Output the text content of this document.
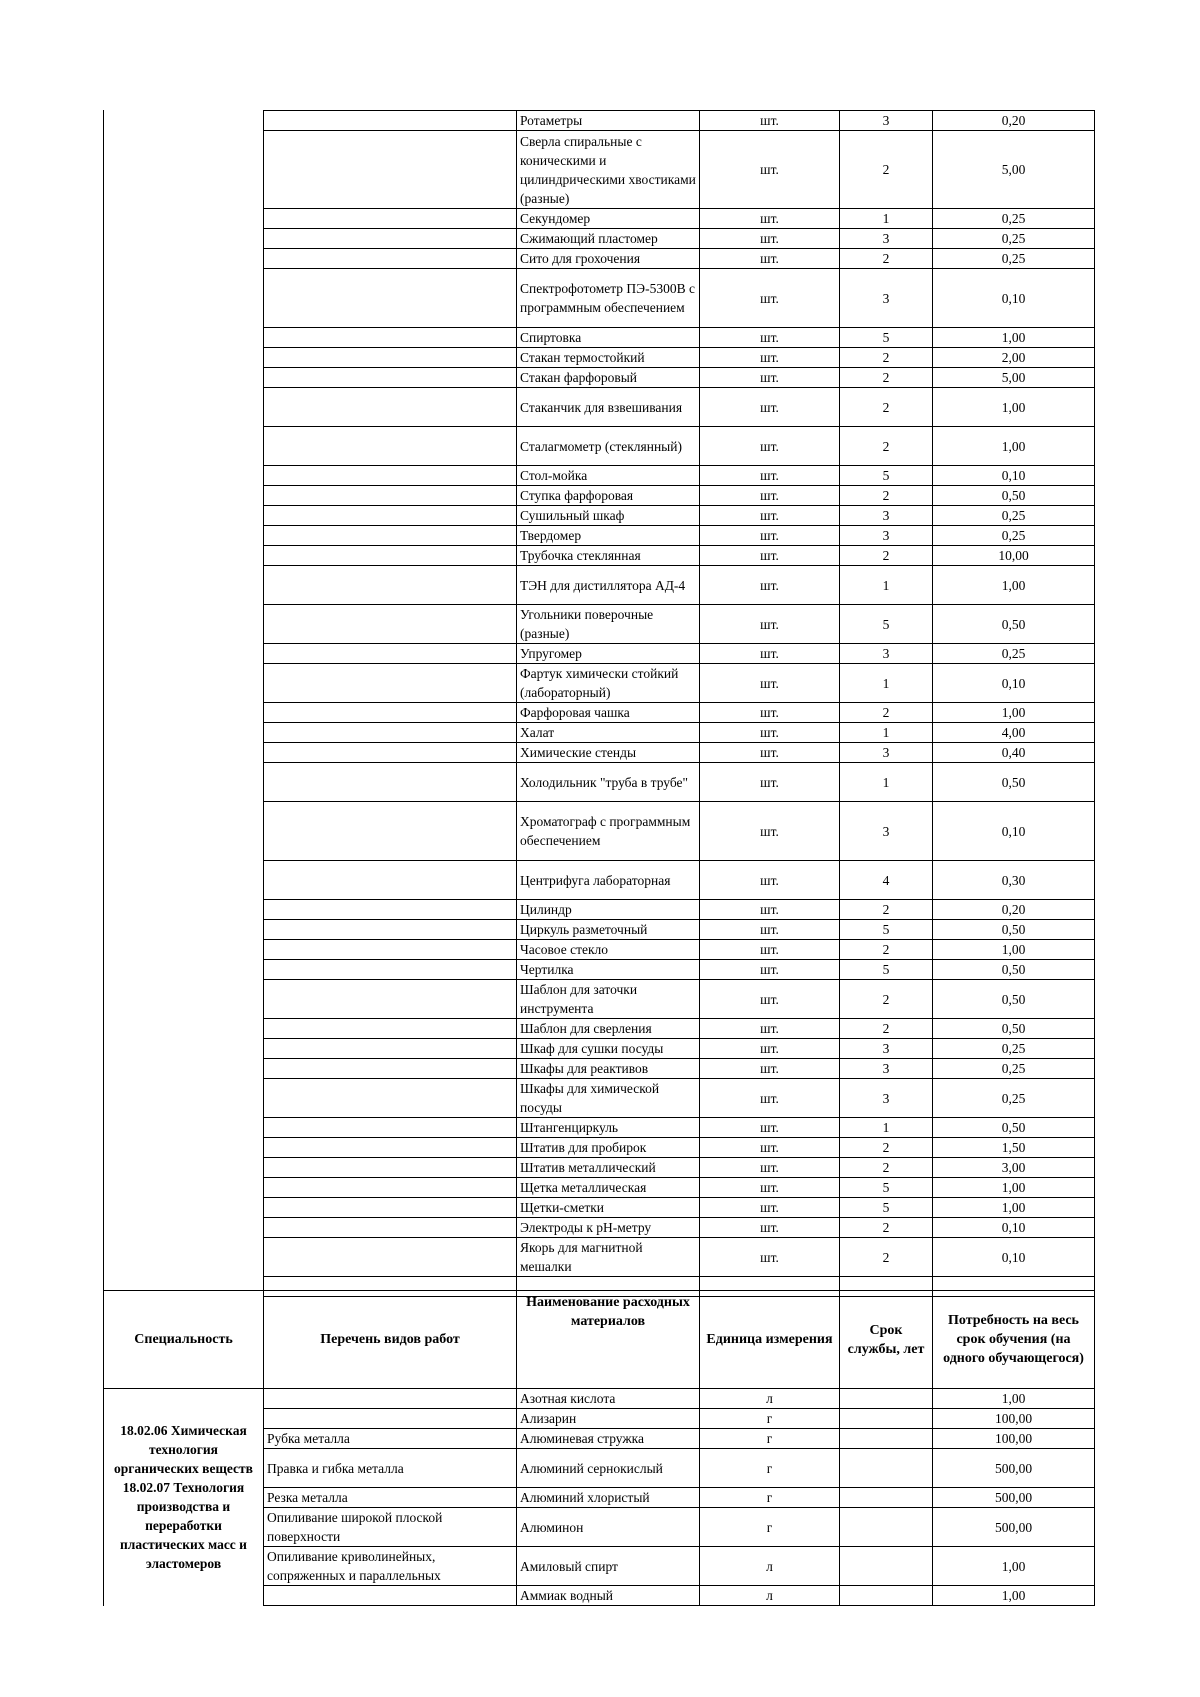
	Ротаметры	шт.	3	0,20
	Сверла спиральные с коническими и цилиндрическими хвостиками (разные)	шт.	2	5,00
	Секундомер	шт.	1	0,25
	Сжимающий пластомер	шт.	3	0,25
	Сито для грохочения	шт.	2	0,25
	Спектрофотометр ПЭ-5300В с программным обеспечением	шт.	3	0,10
	Спиртовка	шт.	5	1,00
	Стакан термостойкий	шт.	2	2,00
	Стакан фарфоровый	шт.	2	5,00
	Стаканчик для взвешивания	шт.	2	1,00
	Сталагмометр (стеклянный)	шт.	2	1,00
	Стол-мойка	шт.	5	0,10
	Ступка фарфоровая	шт.	2	0,50
	Сушильный шкаф	шт.	3	0,25
	Твердомер	шт.	3	0,25
	Трубочка стеклянная	шт.	2	10,00
	ТЭН для дистиллятора АД-4	шт.	1	1,00
	Угольники поверочные (разные)	шт.	5	0,50
	Упругомер	шт.	3	0,25
	Фартук химически стойкий (лабораторный)	шт.	1	0,10
	Фарфоровая чашка	шт.	2	1,00
	Халат	шт.	1	4,00
	Химические стенды	шт.	3	0,40
	Холодильник "труба в трубе"	шт.	1	0,50
	Хроматограф с программным обеспечением	шт.	3	0,10
	Центрифуга лабораторная	шт.	4	0,30
	Цилиндр	шт.	2	0,20
	Циркуль разметочный	шт.	5	0,50
	Часовое стекло	шт.	2	1,00
	Чертилка	шт.	5	0,50
	Шаблон для заточки инструмента	шт.	2	0,50
	Шаблон для сверления	шт.	2	0,50
	Шкаф для сушки посуды	шт.	3	0,25
	Шкафы для реактивов	шт.	3	0,25
	Шкафы для химической посуды	шт.	3	0,25
	Штангенциркуль	шт.	1	0,50
	Штатив для пробирок	шт.	2	1,50
	Штатив металлический	шт.	2	3,00
	Щетка металлическая	шт.	5	1,00
	Щетки-сметки	шт.	5	1,00
	Электроды к рН-метру	шт.	2	0,10
	Якорь для магнитной мешалки	шт.	2	0,10

Специальность	Перечень видов работ	Наименование расходных материалов	Единица измерения	Срок службы, лет	Потребность на весь срок обучения (на одного обучающегося)
18.02.06 Химическая технология органических веществ 18.02.07 Технология производства и переработки пластических масс и эластомеров		Азотная кислота	л		1,00
		Ализарин	г		100,00
	Рубка металла	Алюминевая стружка	г		100,00
	Правка и гибка металла	Алюминий сернокислый	г		500,00
	Резка металла	Алюминий хлористый	г		500,00
	Опиливание широкой плоской поверхности	Алюминон	г		500,00
	Опиливание криволинейных, сопряженных и параллельных	Амиловый спирт	л		1,00
		Аммиак водный	л		1,00
